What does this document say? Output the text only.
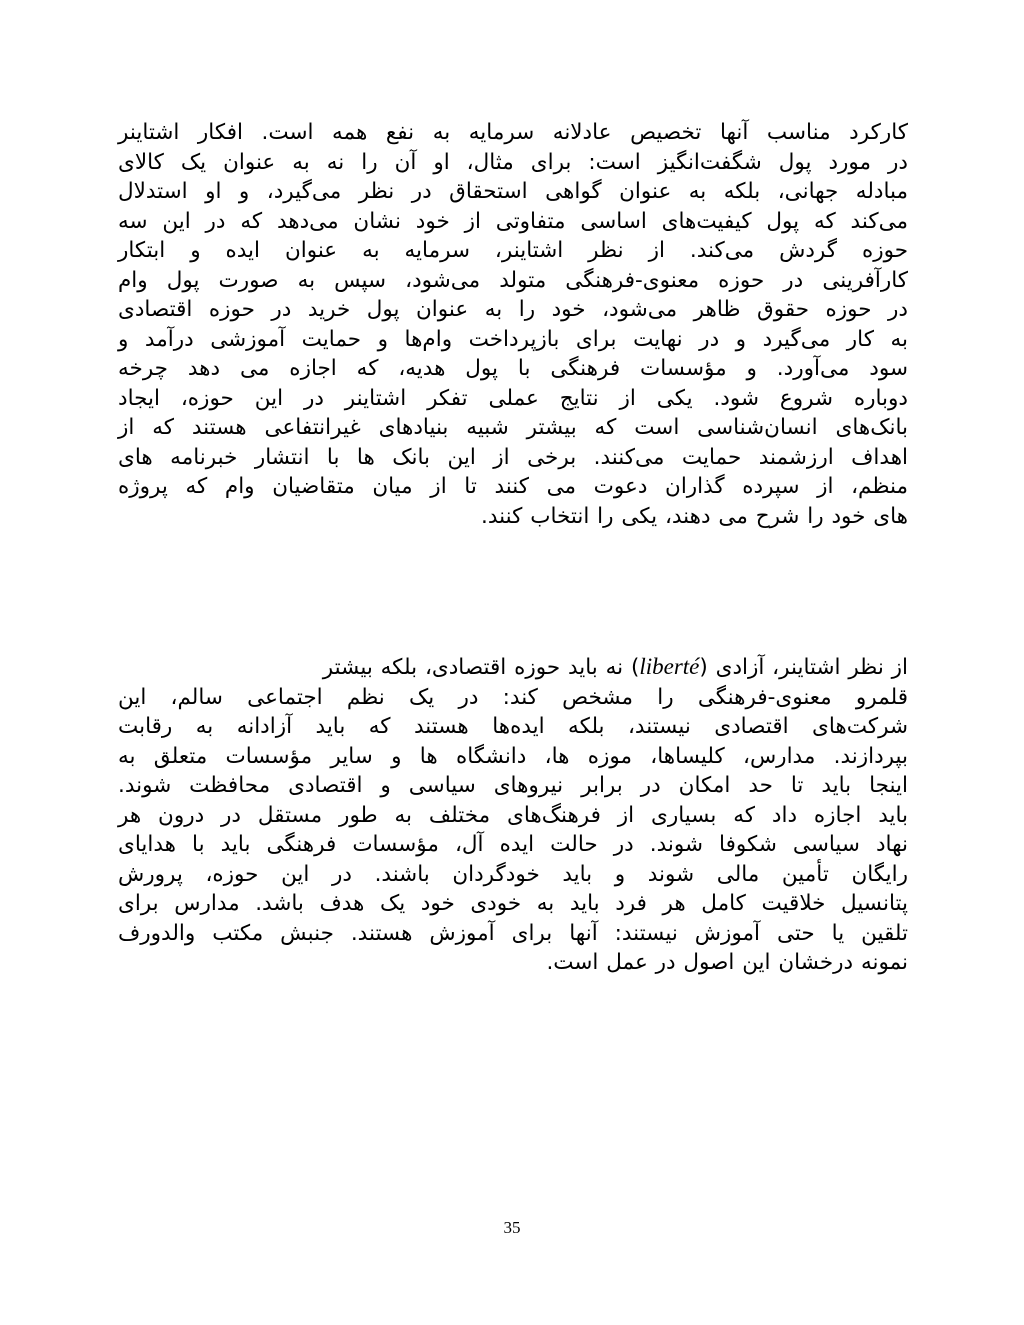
کارکرد مناسب آنها تخصیص عادلانه سرمایه به نفع همه است. افکار اشتاینر
در مورد پول شگفت‌انگیز است: برای مثال، او آن را نه به عنوان یک کالای
مبادله جهانی، بلکه به عنوان گواهی استحقاق در نظر می‌گیرد، و او استدلال
می‌کند که پول کیفیت‌های اساسی متفاوتی از خود نشان می‌دهد که در این سه
حوزه گردش می‌کند. از نظر اشتاینر، سرمایه به عنوان ایده و ابتکار
کارآفرینی در حوزه معنوی-فرهنگی متولد می‌شود، سپس به صورت پول وام
در حوزه حقوق ظاهر می‌شود، خود را به عنوان پول خرید در حوزه اقتصادی
به کار می‌گیرد و در نهایت برای بازپرداخت وام‌ها و حمایت آموزشی درآمد و
سود می‌آورد. و مؤسسات فرهنگی با پول هدیه، که اجازه می دهد چرخه
دوباره شروع شود. یکی از نتایج عملی تفکر اشتاینر در این حوزه، ایجاد
بانک‌های انسان‌شناسی است که بیشتر شبیه بنیادهای غیرانتفاعی هستند که از
اهداف ارزشمند حمایت می‌کنند. برخی از این بانک ها با انتشار خبرنامه های
منظم، از سپرده گذاران دعوت می کنند تا از میان متقاضیان وام که پروژه
های خود را شرح می دهند، یکی را انتخاب کنند.
از نظر اشتاینر، آزادی (liberté) نه باید حوزه اقتصادی، بلکه بیشتر
قلمرو معنوی-فرهنگی را مشخص کند: در یک نظم اجتماعی سالم، این
شرکت‌های اقتصادی نیستند، بلکه ایده‌ها هستند که باید آزادانه به رقابت
بپردازند. مدارس، کلیساها، موزه ها، دانشگاه ها و سایر مؤسسات متعلق به
اینجا باید تا حد امکان در برابر نیروهای سیاسی و اقتصادی محافظت شوند.
باید اجازه داد که بسیاری از فرهنگ‌های مختلف به طور مستقل در درون هر
نهاد سیاسی شکوفا شوند. در حالت ایده آل، مؤسسات فرهنگی باید با هدایای
رایگان تأمین مالی شوند و باید خودگردان باشند. در این حوزه، پرورش
پتانسیل خلاقیت کامل هر فرد باید به خودی خود یک هدف باشد. مدارس برای
تلقین یا حتی آموزش نیستند: آنها برای آموزش هستند. جنبش مکتب والدورف
نمونه درخشان این اصول در عمل است.
35
